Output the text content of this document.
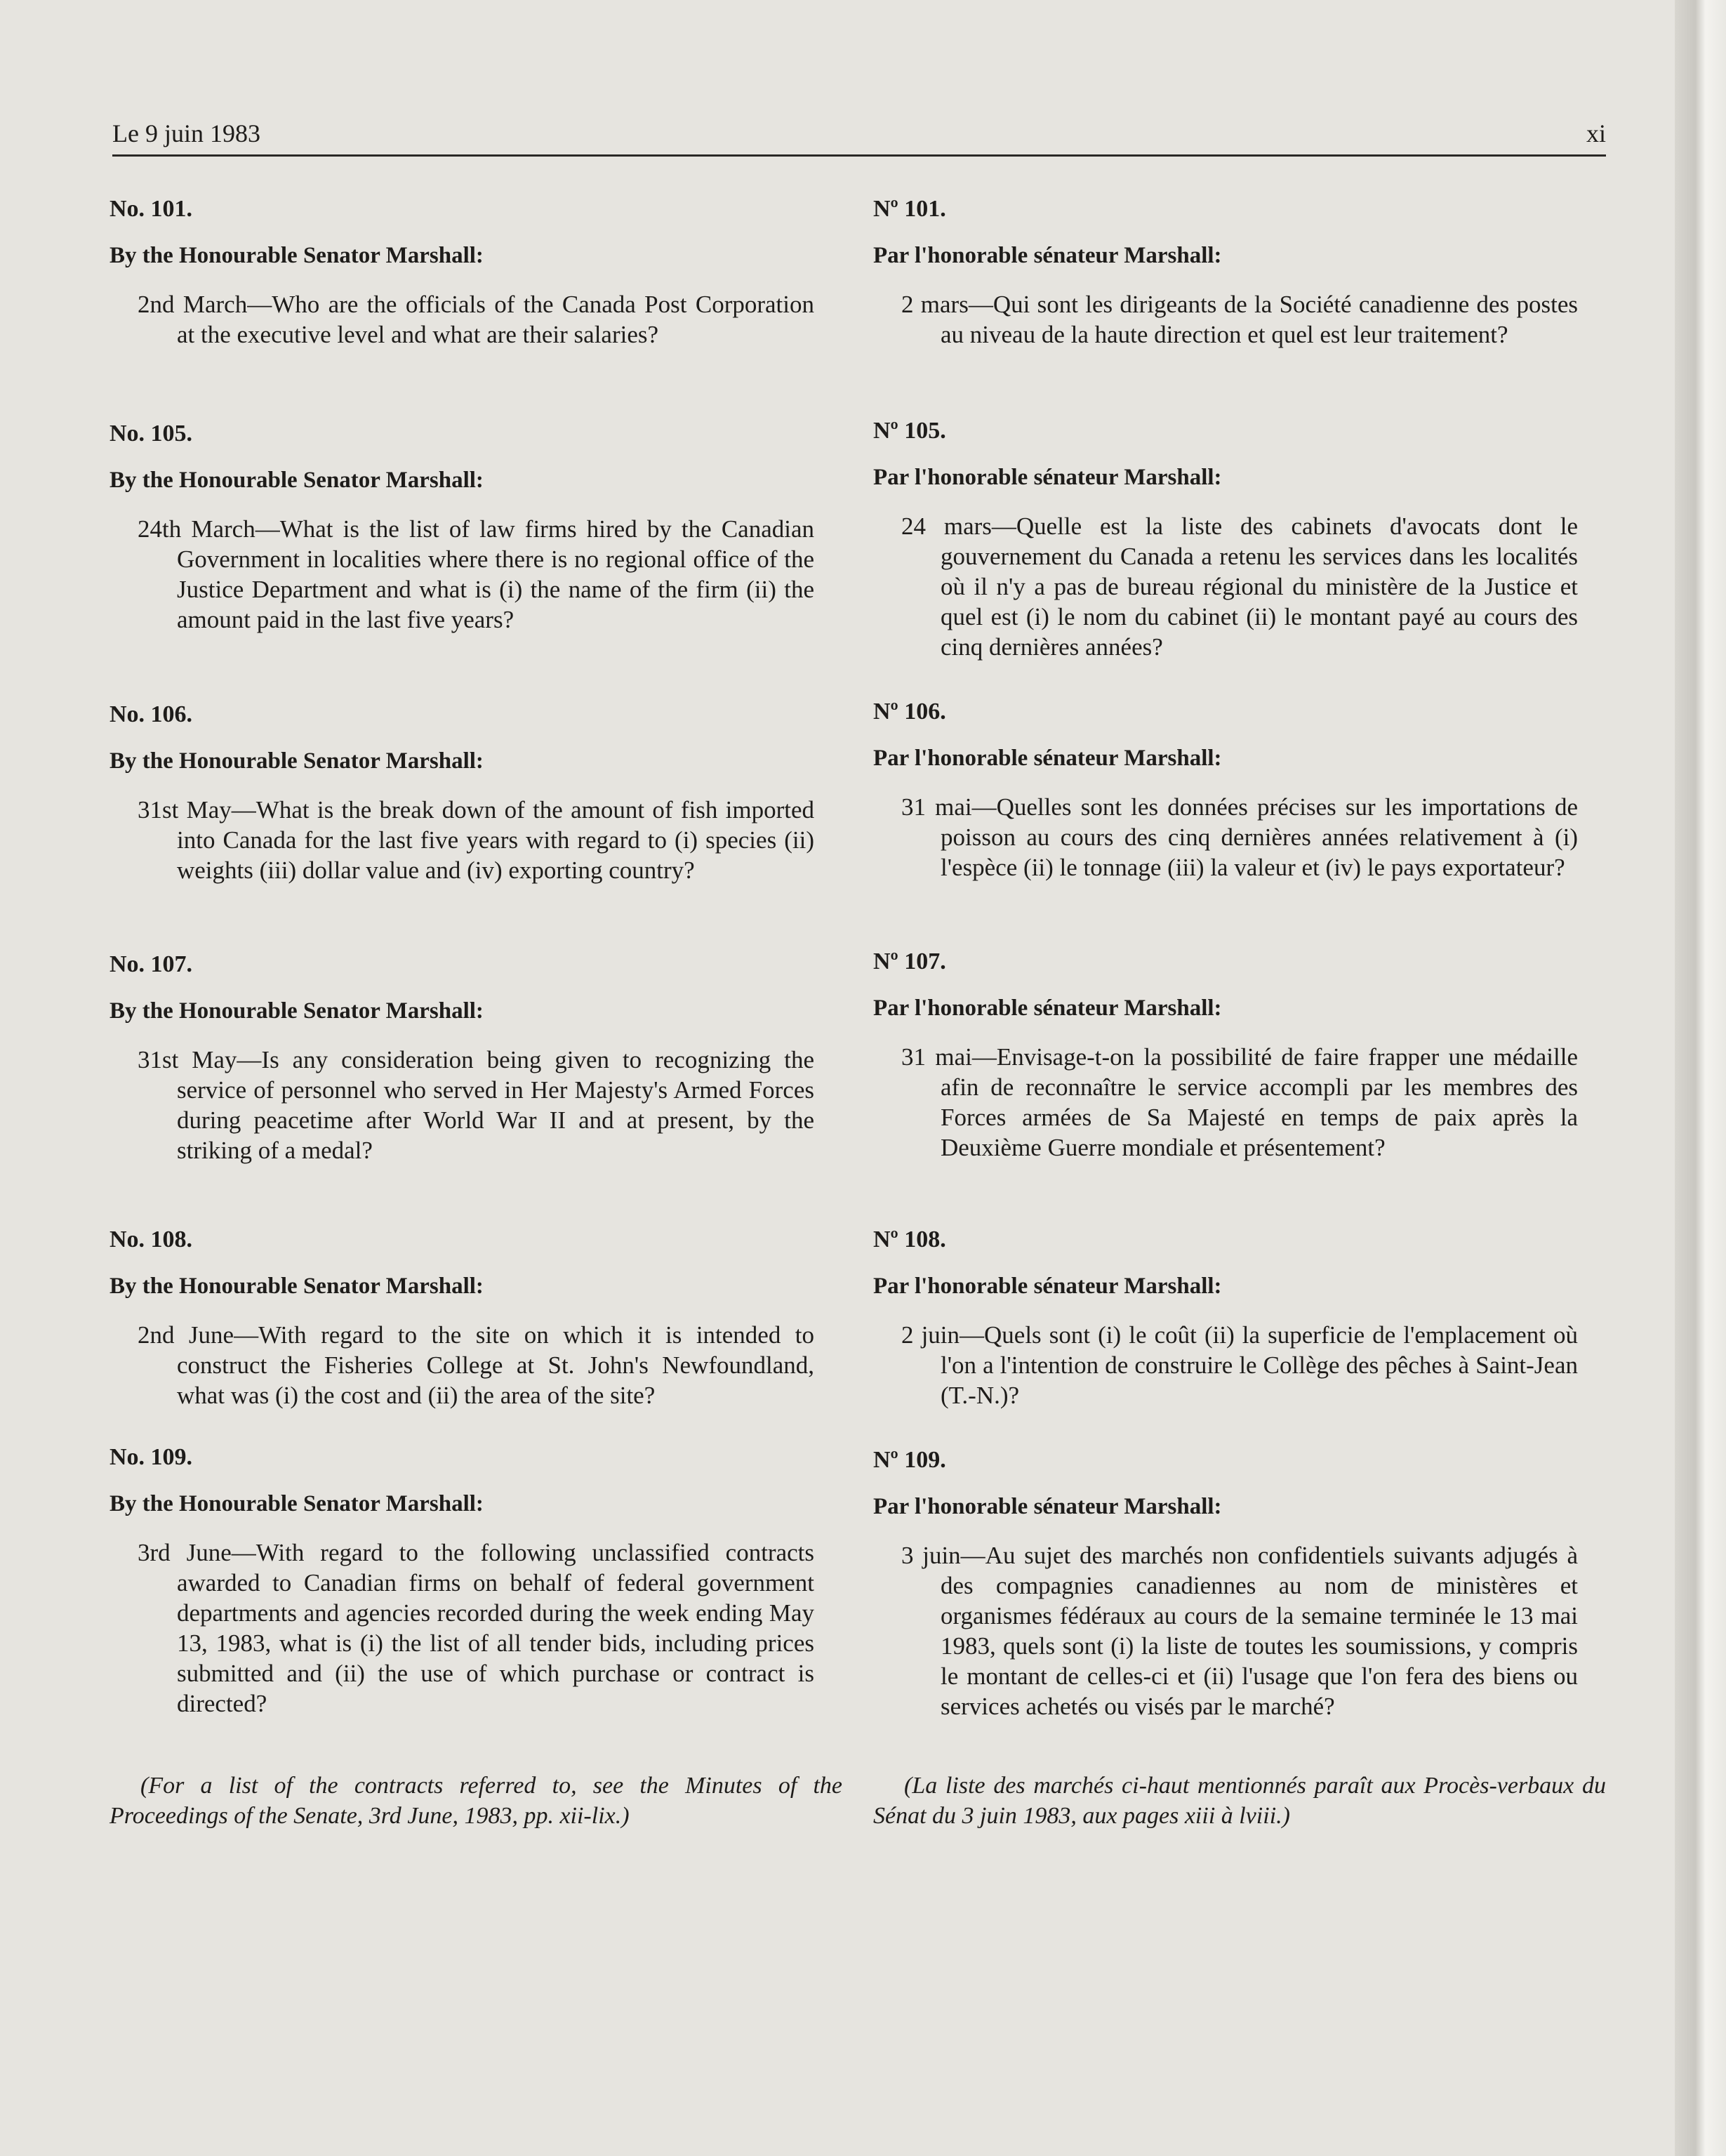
Le 9 juin 1983	xi
No. 101.
By the Honourable Senator Marshall:
2nd March—Who are the officials of the Canada Post Corporation at the executive level and what are their salaries?
No. 105.
By the Honourable Senator Marshall:
24th March—What is the list of law firms hired by the Canadian Government in localities where there is no regional office of the Justice Department and what is (i) the name of the firm (ii) the amount paid in the last five years?
No. 106.
By the Honourable Senator Marshall:
31st May—What is the break down of the amount of fish imported into Canada for the last five years with regard to (i) species (ii) weights (iii) dollar value and (iv) exporting country?
No. 107.
By the Honourable Senator Marshall:
31st May—Is any consideration being given to recognizing the service of personnel who served in Her Majesty's Armed Forces during peacetime after World War II and at present, by the striking of a medal?
No. 108.
By the Honourable Senator Marshall:
2nd June—With regard to the site on which it is intended to construct the Fisheries College at St. John's Newfoundland, what was (i) the cost and (ii) the area of the site?
No. 109.
By the Honourable Senator Marshall:
3rd June—With regard to the following unclassified contracts awarded to Canadian firms on behalf of federal government departments and agencies recorded during the week ending May 13, 1983, what is (i) the list of all tender bids, including prices submitted and (ii) the use of which purchase or contract is directed?
(For a list of the contracts referred to, see the Minutes of the Proceedings of the Senate, 3rd June, 1983, pp. xii-lix.)
Nº 101.
Par l'honorable sénateur Marshall:
2 mars—Qui sont les dirigeants de la Société canadienne des postes au niveau de la haute direction et quel est leur traitement?
Nº 105.
Par l'honorable sénateur Marshall:
24 mars—Quelle est la liste des cabinets d'avocats dont le gouvernement du Canada a retenu les services dans les localités où il n'y a pas de bureau régional du ministère de la Justice et quel est (i) le nom du cabinet (ii) le montant payé au cours des cinq dernières années?
Nº 106.
Par l'honorable sénateur Marshall:
31 mai—Quelles sont les données précises sur les importations de poisson au cours des cinq dernières années relativement à (i) l'espèce (ii) le tonnage (iii) la valeur et (iv) le pays exportateur?
Nº 107.
Par l'honorable sénateur Marshall:
31 mai—Envisage-t-on la possibilité de faire frapper une médaille afin de reconnaître le service accompli par les membres des Forces armées de Sa Majesté en temps de paix après la Deuxième Guerre mondiale et présentement?
Nº 108.
Par l'honorable sénateur Marshall:
2 juin—Quels sont (i) le coût (ii) la superficie de l'emplacement où l'on a l'intention de construire le Collège des pêches à Saint-Jean (T.-N.)?
Nº 109.
Par l'honorable sénateur Marshall:
3 juin—Au sujet des marchés non confidentiels suivants adjugés à des compagnies canadiennes au nom de ministères et organismes fédéraux au cours de la semaine terminée le 13 mai 1983, quels sont (i) la liste de toutes les soumissions, y compris le montant de celles-ci et (ii) l'usage que l'on fera des biens ou services achetés ou visés par le marché?
(La liste des marchés ci-haut mentionnés paraît aux Procès-verbaux du Sénat du 3 juin 1983, aux pages xiii à lviii.)
